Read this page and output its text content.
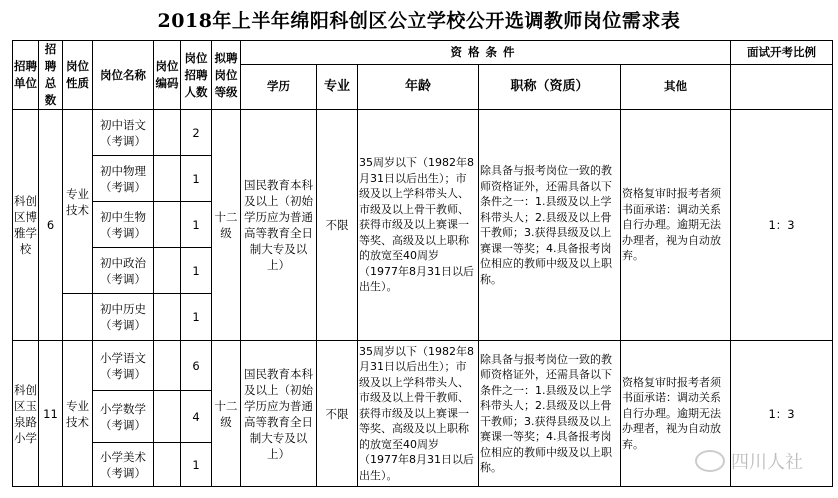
2018年上半年绵阳科创区公立学校公开选调教师岗位需求表
招聘单位	招聘总数	岗位性质	岗位名称	岗位编码	岗位招聘人数	拟聘岗位等级	资格条件					面试开考比例
							学历	专业	年龄	职称（资质）	其他	
科创区博雅学校	6	专业技术	初中语文（考调）		2	十二级	国民教育本科及以上（初始学历应为普通高等教育全日制大专及以上）	不限	35周岁以下（1982年8月31日以后出生）；市级及以上学科带头人、市级及以上骨干教师、获得市级及以上赛课一等奖、高级及以上职称的放宽至40周岁（1977年8月31日以后出生）。	除具备与报考岗位一致的教师资格证外，还需具备以下条件之一：1.县级及以上学科带头人；2.县级及以上骨干教师；3.获得县级及以上赛课一等奖；4.具备报考岗位相应的教师中级及以上职称。	资格复审时报考者须书面承诺：调动关系自行办理。逾期无法办理者，视为自动放弃。	1：3
			初中物理（考调）		1							
			初中生物（考调）		1							
			初中政治（考调）		1							
			初中历史（考调）		1							
科创区玉泉路小学	11	专业技术	小学语文（考调）		6	十二级	国民教育本科及以上（初始学历应为普通高等教育全日制大专及以上）	不限	35周岁以下（1982年8月31日以后出生）；市级及以上学科带头人、市级及以上骨干教师、获得市级及以上赛课一等奖、高级及以上职称的放宽至40周岁（1977年8月31日以后出生）。	除具备与报考岗位一致的教师资格证外，还需具备以下条件之一：1.县级及以上学科带头人；2.县级及以上骨干教师；3.获得县级及以上赛课一等奖；4.具备报考岗位相应的教师中级及以上职称。	资格复审时报考者须书面承诺：调动关系自行办理。逾期无法办理者，视为自动放弃。	1：3
			小学数学（考调）		4							
			小学美术（考调）		1								四川人社
